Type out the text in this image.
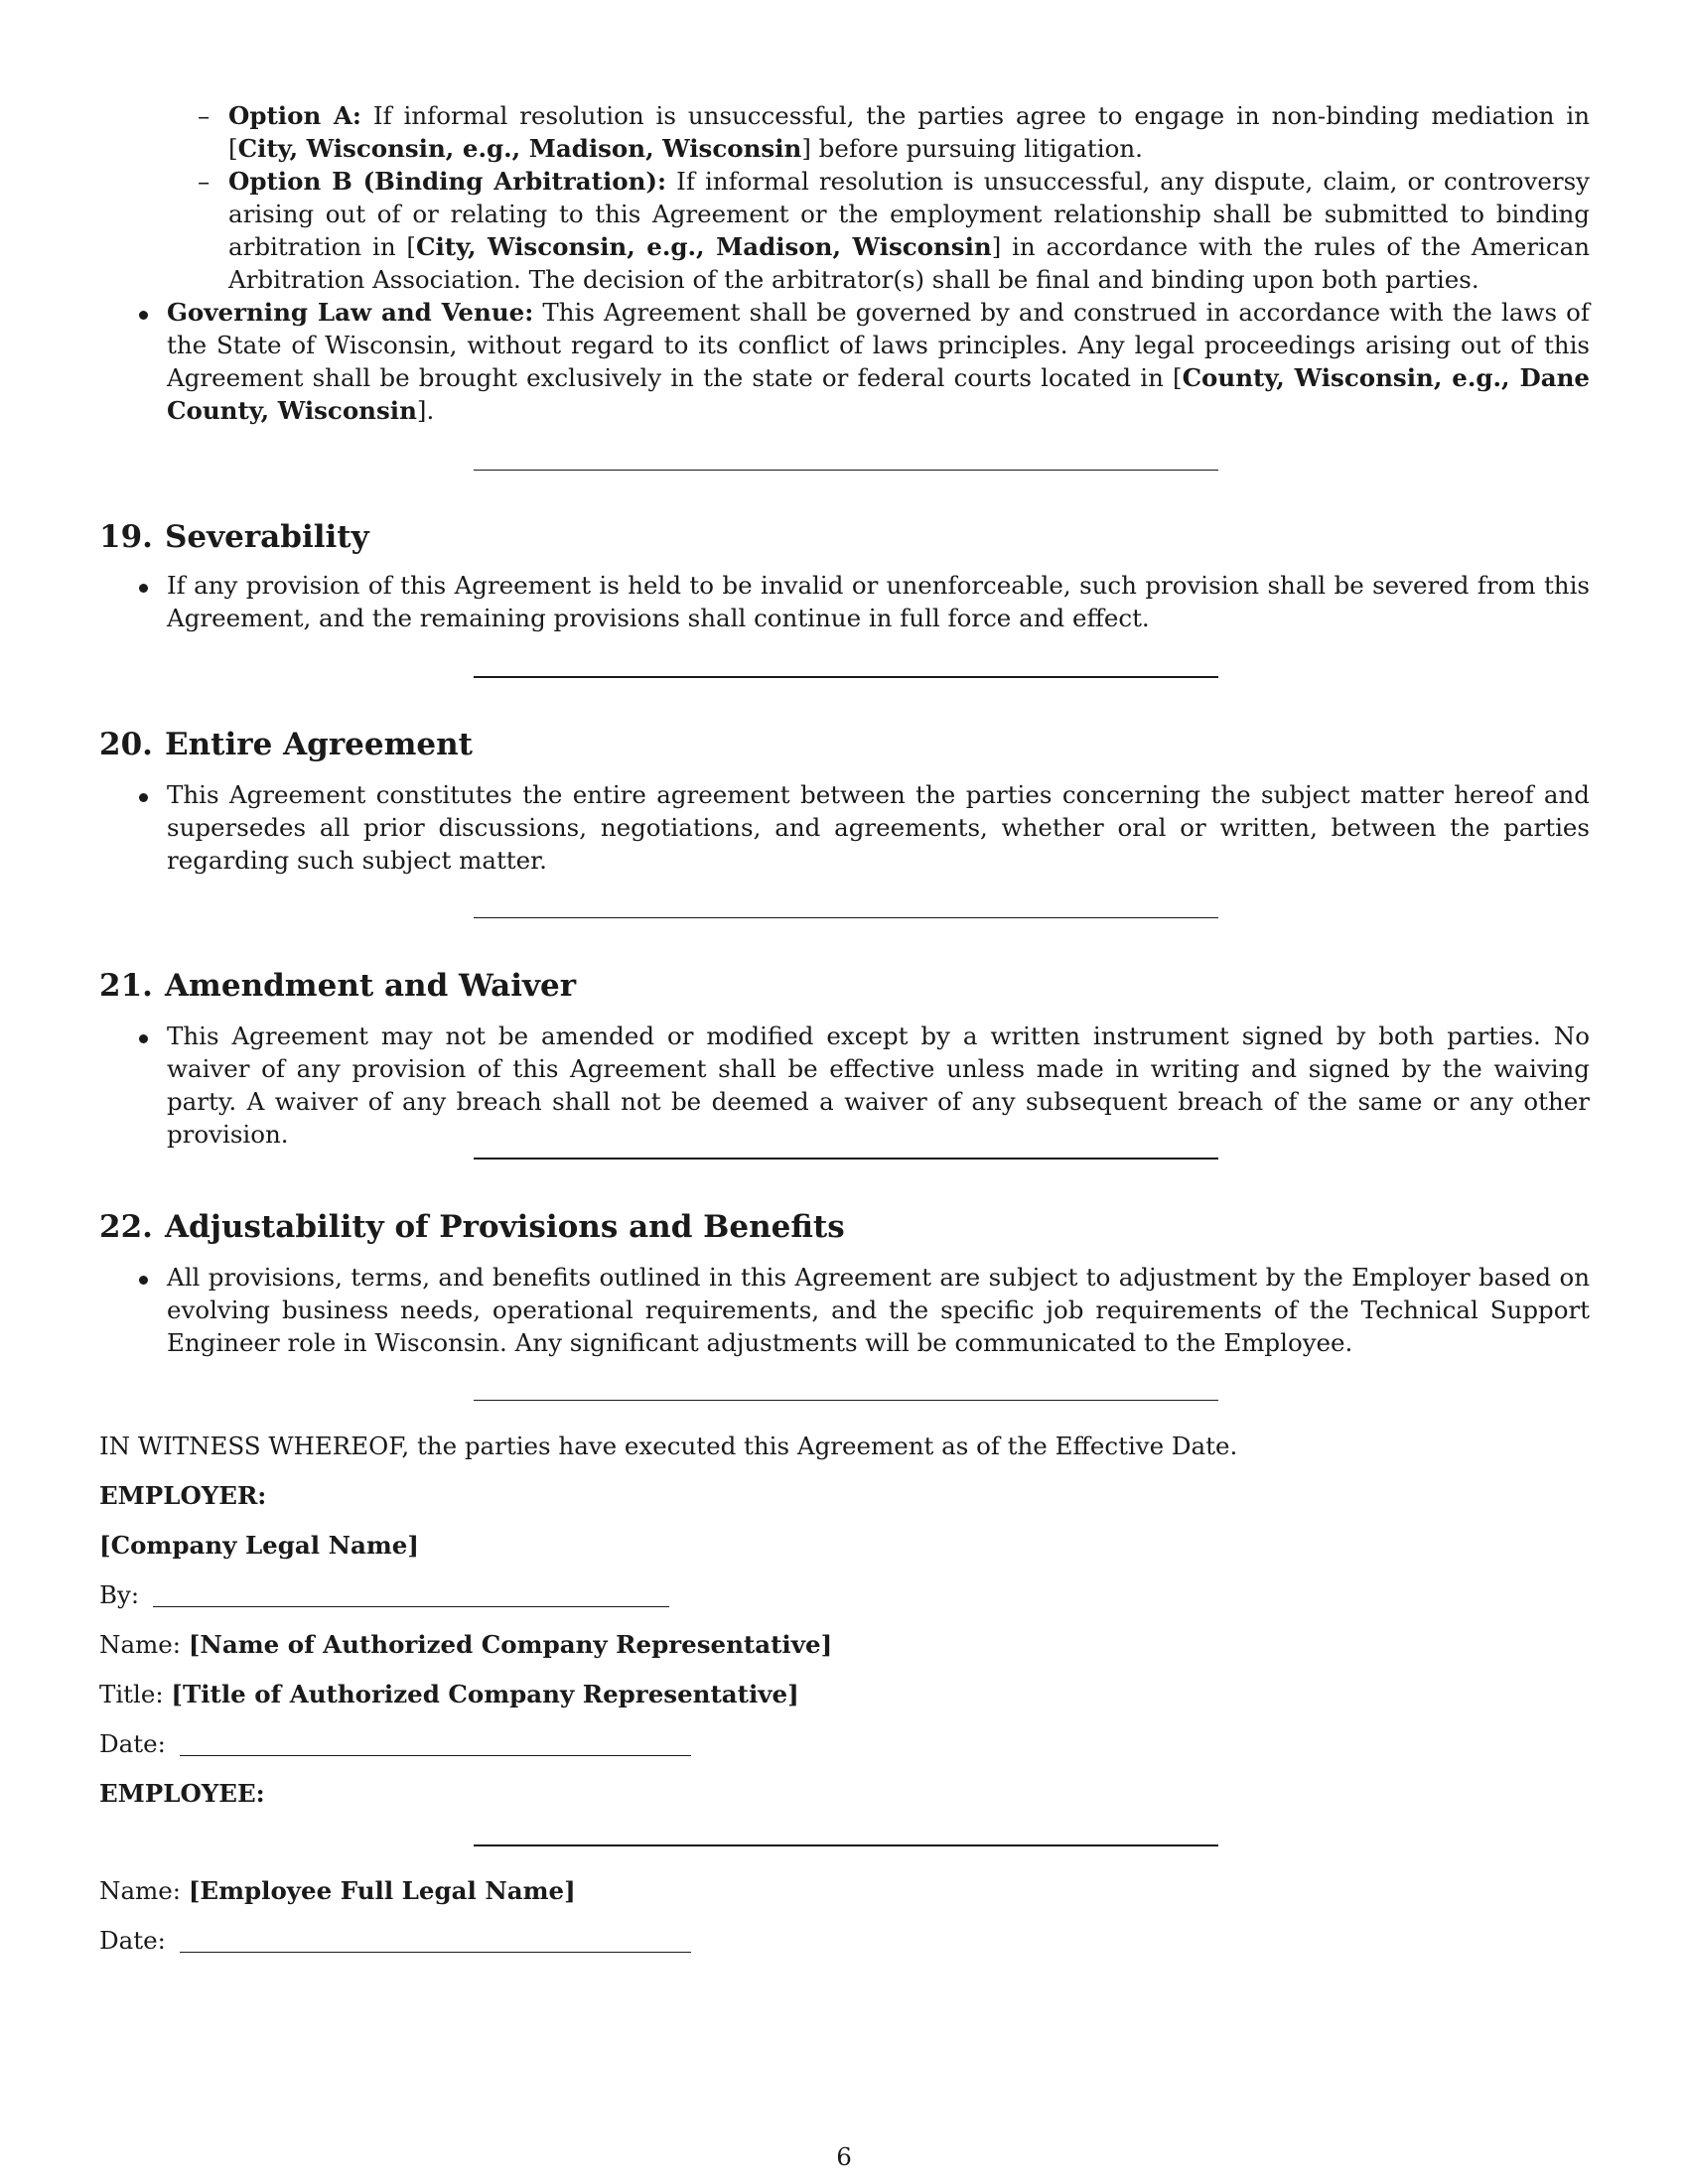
– Option A: If informal resolution is unsuccessful, the parties agree to engage in non-binding mediation in [City, Wisconsin, e.g., Madison, Wisconsin] before pursuing litigation.
– Option B (Binding Arbitration): If informal resolution is unsuccessful, any dispute, claim, or controversy arising out of or relating to this Agreement or the employment relationship shall be submitted to binding arbitration in [City, Wisconsin, e.g., Madison, Wisconsin] in accordance with the rules of the American Arbitration Association. The decision of the arbitrator(s) shall be final and binding upon both parties.
Governing Law and Venue: This Agreement shall be governed by and construed in accordance with the laws of the State of Wisconsin, without regard to its conflict of laws principles. Any legal proceedings arising out of this Agreement shall be brought exclusively in the state or federal courts located in [County, Wisconsin, e.g., Dane County, Wisconsin].
19. Severability
If any provision of this Agreement is held to be invalid or unenforceable, such provision shall be severed from this Agreement, and the remaining provisions shall continue in full force and effect.
20. Entire Agreement
This Agreement constitutes the entire agreement between the parties concerning the subject matter hereof and supersedes all prior discussions, negotiations, and agreements, whether oral or written, between the parties regarding such subject matter.
21. Amendment and Waiver
This Agreement may not be amended or modified except by a written instrument signed by both parties. No waiver of any provision of this Agreement shall be effective unless made in writing and signed by the waiving party. A waiver of any breach shall not be deemed a waiver of any subsequent breach of the same or any other provision.
22. Adjustability of Provisions and Benefits
All provisions, terms, and benefits outlined in this Agreement are subject to adjustment by the Employer based on evolving business needs, operational requirements, and the specific job requirements of the Technical Support Engineer role in Wisconsin. Any significant adjustments will be communicated to the Employee.
IN WITNESS WHEREOF, the parties have executed this Agreement as of the Effective Date.
EMPLOYER:
[Company Legal Name]
By:
Name: [Name of Authorized Company Representative]
Title: [Title of Authorized Company Representative]
Date:
EMPLOYEE:
Name: [Employee Full Legal Name]
Date:
6
